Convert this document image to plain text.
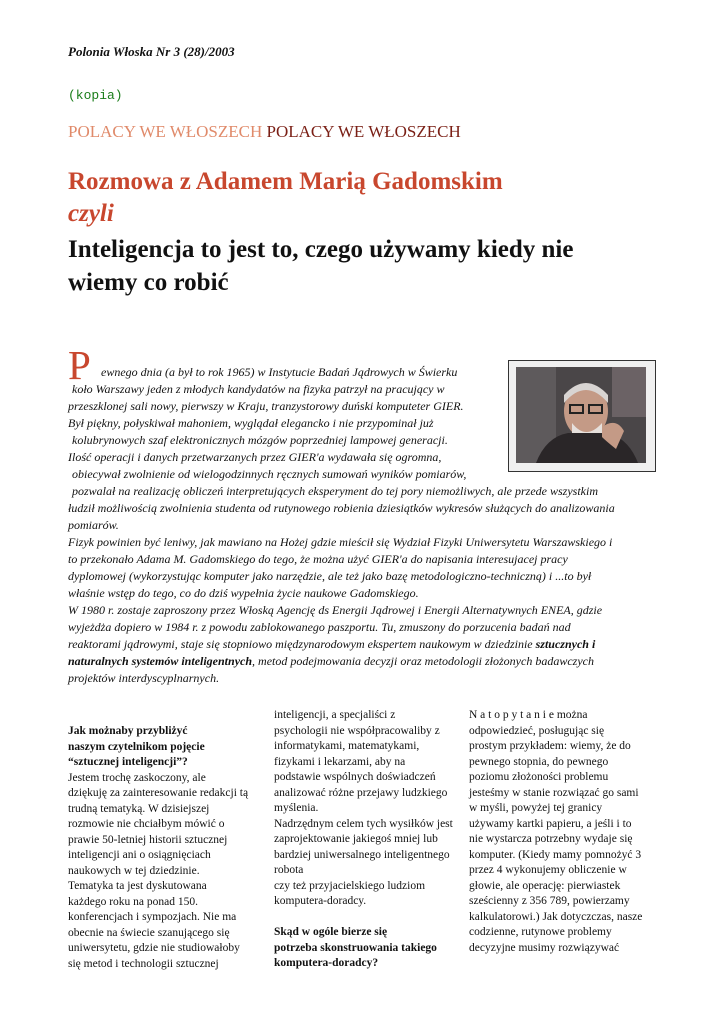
Polonia Włoska Nr 3 (28)/2003
(kopia)
POLACY WE WŁOSZECH POLACY WE WŁOSZECH
Rozmowa z Adamem Marią Gadomskim
czyli
Inteligencja to jest to, czego używamy kiedy nie wiemy co robić
P ewnego dnia (a był to rok 1965) w Instytucie Badań Jądrowych w Świerku
koło Warszawy jeden z młodych kandydatów na fizyka patrzył na pracujący w
przeszklonej sali nowy, pierwszy w Kraju, tranzystorowy duński komputeter GIER.
Był piękny, połyskiwał mahoniem, wyglądał elegancko i nie przypominał już
kolubrynowych szaf elektronicznych mózgów poprzedniej lampowej generacji.
Ilość operacji i danych przetwarzanych przez GIER'a wydawała się ogromna,
obiecywał zwolnienie od wielogodzinnych ręcznych sumowań wyników pomiarów,
pozwalał na realizację obliczeń interpretujących eksperyment do tej pory niemożliwych, ale przede wszystkim
łudził możliwością zwolnienia studenta od rutynowego robienia dziesiątków wykresów służących do analizowania
pomiarów.
Fizyk powinien być leniwy, jak mawiano na Hożej gdzie mieścił się Wydział Fizyki Uniwersytetu Warszawskiego i
to przekonało Adama M. Gadomskiego do tego, że można użyć GIER'a do napisania interesujacej pracy
dyplomowej (wykorzystując komputer jako narzędzie, ale też jako bazę metodologiczno-techniczną) i ...to był
właśnie wstęp do tego, co do dziś wypełnia życie naukowe Gadomskiego.
W 1980 r. zostaje zaproszony przez Włoską Agencję ds Energii Jądrowej i Energii Alternatywnych ENEA, gdzie
wyjeżdża dopiero w 1984 r. z powodu zablokowanego paszportu. Tu, zmuszony do porzucenia badań nad
reaktorami jądrowymi, staje się stopniowo międzynarodowym ekspertem naukowym w dziedzinie sztucznych i
naturalnych systemów inteligentnych, metod podejmowania decyzji oraz metodologii złożonych badawczych
projektów interdyscyplnarnych.

Jak możnaby przybliżyć

naszym czytelnikom pojęcie

“sztucznej inteligencji”?

Jestem trochę zaskoczony, ale

dziękuję za zainteresowanie redakcji tą

trudną tematyką. W dzisiejszej

rozmowie nie chciałbym mówić o

prawie 50-letniej historii sztucznej

inteligencji ani o osiągnięciach

naukowych w tej dziedzinie.

Tematyka ta jest dyskutowana

każdego roku na ponad 150.

konferencjach i sympozjach. Nie ma

obecnie na świecie szanującego się

uniwersytetu, gdzie nie studiowałoby

się metod i technologii sztucznej

inteligencji, a specjaliści z

psychologii nie współpracowaliby z

informatykami, matematykami,

fizykami i lekarzami, aby na

podstawie wspólnych doświadczeń

analizować różne przejawy ludzkiego

myślenia.

Nadrzędnym celem tych wysiłków jest

zaprojektowanie jakiegoś mniej lub

bardziej uniwersalnego inteligentnego

robota

czy też przyjacielskiego ludziom

komputera-doradcy.

Skąd w ogóle bierze się

potrzeba skonstruowania takiego

komputera-doradcy?

N a t o p y t a n i e można

odpowiedzieć, posługując się

prostym przykładem: wiemy, że do

pewnego stopnia, do pewnego

poziomu złożoności problemu

jesteśmy w stanie rozwiązać go sami

w myśli, powyżej tej granicy

używamy kartki papieru, a jeśli i to

nie wystarcza potrzebny wydaje się

komputer. (Kiedy mamy pomnożyć 3

przez 4 wykonujemy obliczenie w

głowie, ale operację: pierwiastek

sześcienny z 356 789, powierzamy

kalkulatorowi.) Jak dotyczczas, nasze

codzienne, rutynowe problemy

decyzyjne musimy rozwiązywać
